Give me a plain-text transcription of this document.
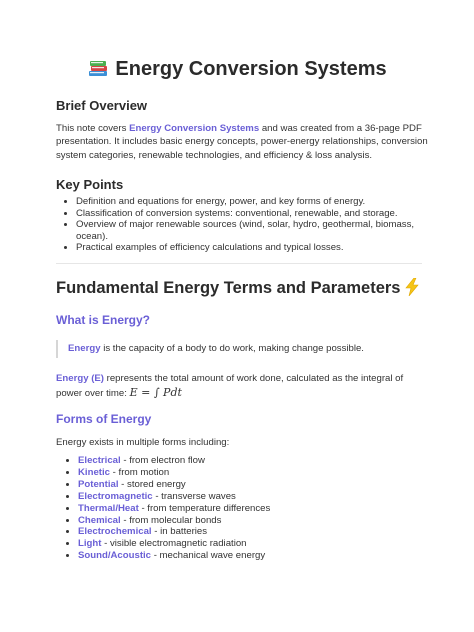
Energy Conversion Systems
Brief Overview
This note covers Energy Conversion Systems and was created from a 36-page PDF presentation. It includes basic energy concepts, power-energy relationships, conversion system categories, renewable technologies, and efficiency & loss analysis.
Key Points
• Definition and equations for energy, power, and key forms of energy.
• Classification of conversion systems: conventional, renewable, and storage.
• Overview of major renewable sources (wind, solar, hydro, geothermal, biomass, ocean).
• Practical examples of efficiency calculations and typical losses.
Fundamental Energy Terms and Parameters
What is Energy?
Energy is the capacity of a body to do work, making change possible.
Energy (E) represents the total amount of work done, calculated as the integral of power over time: E = ∫ Pdt
Forms of Energy
Energy exists in multiple forms including:
• Electrical - from electron flow
• Kinetic - from motion
• Potential - stored energy
• Electromagnetic - transverse waves
• Thermal/Heat - from temperature differences
• Chemical - from molecular bonds
• Electrochemical - in batteries
• Light - visible electromagnetic radiation
• Sound/Acoustic - mechanical wave energy
